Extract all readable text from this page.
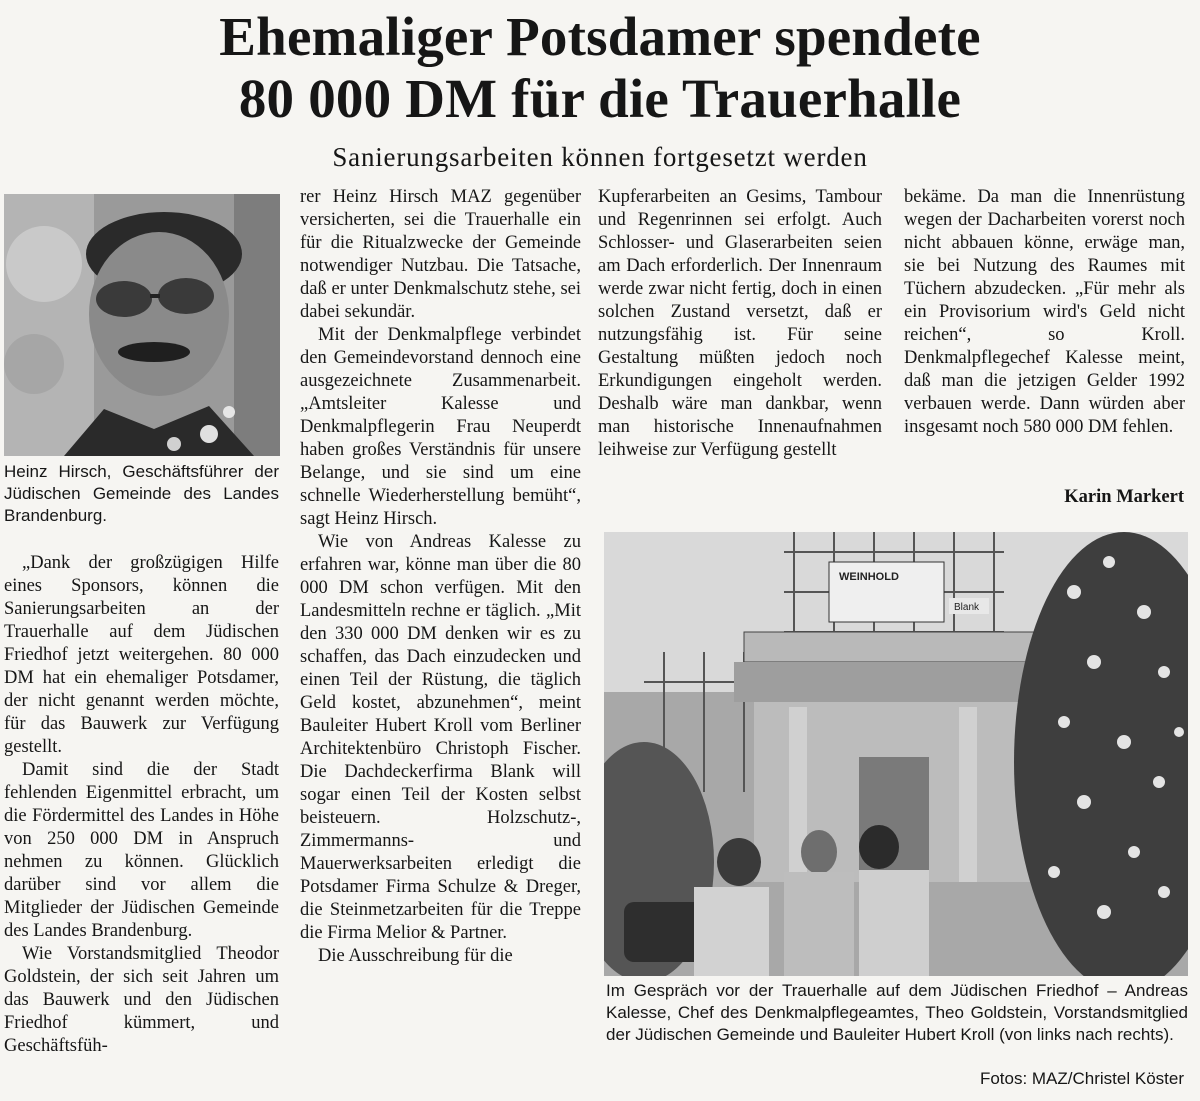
Ehemaliger Potsdamer spendete
80 000 DM für die Trauerhalle
Sanierungsarbeiten können fortgesetzt werden

Heinz Hirsch, Geschäftsführer der Jüdischen Gemeinde des Landes Brandenburg.

„Dank der großzügigen Hilfe eines Sponsors, können die Sanierungsarbeiten an der Trauerhalle auf dem Jüdischen Friedhof jetzt weitergehen. 80 000 DM hat ein ehemaliger Potsdamer, der nicht genannt werden möchte, für das Bauwerk zur Verfügung gestellt.

Damit sind die der Stadt fehlenden Eigenmittel erbracht, um die Fördermittel des Landes in Höhe von 250 000 DM in Anspruch nehmen zu können. Glücklich darüber sind vor allem die Mitglieder der Jüdischen Gemeinde des Landes Brandenburg.

Wie Vorstandsmitglied Theodor Goldstein, der sich seit Jahren um das Bauwerk und den Jüdischen Friedhof kümmert, und Geschäftsfüh-

rer Heinz Hirsch MAZ gegenüber versicherten, sei die Trauerhalle ein für die Ritualzwecke der Gemeinde notwendiger Nutzbau. Die Tatsache, daß er unter Denkmalschutz stehe, sei dabei sekundär.

Mit der Denkmalpflege verbindet den Gemeindevorstand dennoch eine ausgezeichnete Zusammenarbeit. „Amtsleiter Kalesse und Denkmalpflegerin Frau Neuperdt haben großes Verständnis für unsere Belange, und sie sind um eine schnelle Wiederherstellung bemüht“, sagt Heinz Hirsch.

Wie von Andreas Kalesse zu erfahren war, könne man über die 80 000 DM schon verfügen. Mit den Landesmitteln rechne er täglich. „Mit den 330 000 DM denken wir es zu schaffen, das Dach einzudecken und einen Teil der Rüstung, die täglich Geld kostet, abzunehmen“, meint Bauleiter Hubert Kroll vom Berliner Architektenbüro Christoph Fischer. Die Dachdeckerfirma Blank will sogar einen Teil der Kosten selbst beisteuern. Holzschutz-, Zimmermanns- und Mauerwerksarbeiten erledigt die Potsdamer Firma Schulze & Dreger, die Steinmetzarbeiten für die Treppe die Firma Melior & Partner.

Die Ausschreibung für die

Kupferarbeiten an Gesims, Tambour und Regenrinnen sei erfolgt. Auch Schlosser- und Glaserarbeiten seien am Dach erforderlich. Der Innenraum werde zwar nicht fertig, doch in einen solchen Zustand versetzt, daß er nutzungsfähig ist. Für seine Gestaltung müßten jedoch noch Erkundigungen eingeholt werden. Deshalb wäre man dankbar, wenn man historische Innenaufnahmen leihweise zur Verfügung gestellt

bekäme. Da man die Innenrüstung wegen der Dacharbeiten vorerst noch nicht abbauen könne, erwäge man, sie bei Nutzung des Raumes mit Tüchern abzudecken. „Für mehr als ein Provisorium wird's Geld nicht reichen“, so Kroll. Denkmalpflegechef Kalesse meint, daß man die jetzigen Gelder 1992 verbauen werde. Dann würden aber insgesamt noch 580 000 DM fehlen.

Karin Markert
WEINHOLD
Blank

Im Gespräch vor der Trauerhalle auf dem Jüdischen Friedhof – Andreas Kalesse, Chef des Denkmalpflegeamtes, Theo Goldstein, Vorstandsmitglied der Jüdischen Gemeinde und Bauleiter Hubert Kroll (von links nach rechts).

Fotos: MAZ/Christel Köster
